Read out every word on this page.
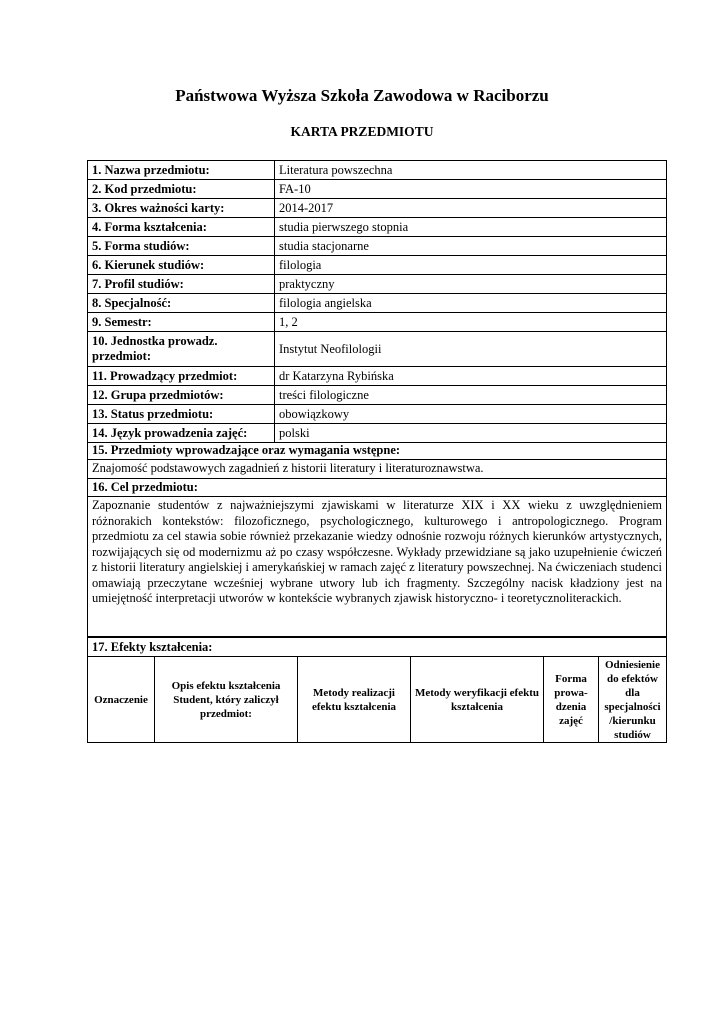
Państwowa Wyższa Szkoła Zawodowa w Raciborzu
KARTA PRZEDMIOTU
1. Nazwa przedmiotu:	Literatura powszechna
2. Kod przedmiotu:	FA-10
3. Okres ważności karty:	2014-2017
4. Forma kształcenia:	studia pierwszego stopnia
5. Forma studiów:	studia stacjonarne
6. Kierunek studiów:	filologia
7. Profil studiów:	praktyczny
8. Specjalność:	filologia angielska
9. Semestr:	1, 2
10. Jednostka prowadz. przedmiot:	Instytut Neofilologii
11. Prowadzący przedmiot:	dr Katarzyna Rybińska
12. Grupa przedmiotów:	treści filologiczne
13. Status przedmiotu:	obowiązkowy
14. Język prowadzenia zajęć:	polski
15. Przedmioty wprowadzające oraz wymagania wstępne:
Znajomość podstawowych zagadnień z historii literatury i literaturoznawstwa.
16. Cel przedmiotu:
Zapoznanie studentów z najważniejszymi zjawiskami w literaturze XIX i XX wieku z uwzględnieniem różnorakich kontekstów: filozoficznego, psychologicznego, kulturowego i antropologicznego. Program przedmiotu za cel stawia sobie również przekazanie wiedzy odnośnie rozwoju różnych kierunków artystycznych, rozwijających się od modernizmu aż po czasy współczesne. Wykłady przewidziane są jako uzupełnienie ćwiczeń z historii literatury angielskiej i amerykańskiej w ramach zajęć z literatury powszechnej. Na ćwiczeniach studenci omawiają przeczytane wcześniej wybrane utwory lub ich fragmenty. Szczególny nacisk kładziony jest na umiejętność interpretacji utworów w kontekście wybranych zjawisk historyczno- i teoretycznoliterackich.
17. Efekty kształcenia:
Oznaczenie	Opis efektu kształcenia Student, który zaliczył przedmiot:	Metody realizacji efektu kształcenia	Metody weryfikacji efektu kształcenia	Forma prowa-dzenia zajęć	Odniesienie do efektów dla specjalności /kierunku studiów
